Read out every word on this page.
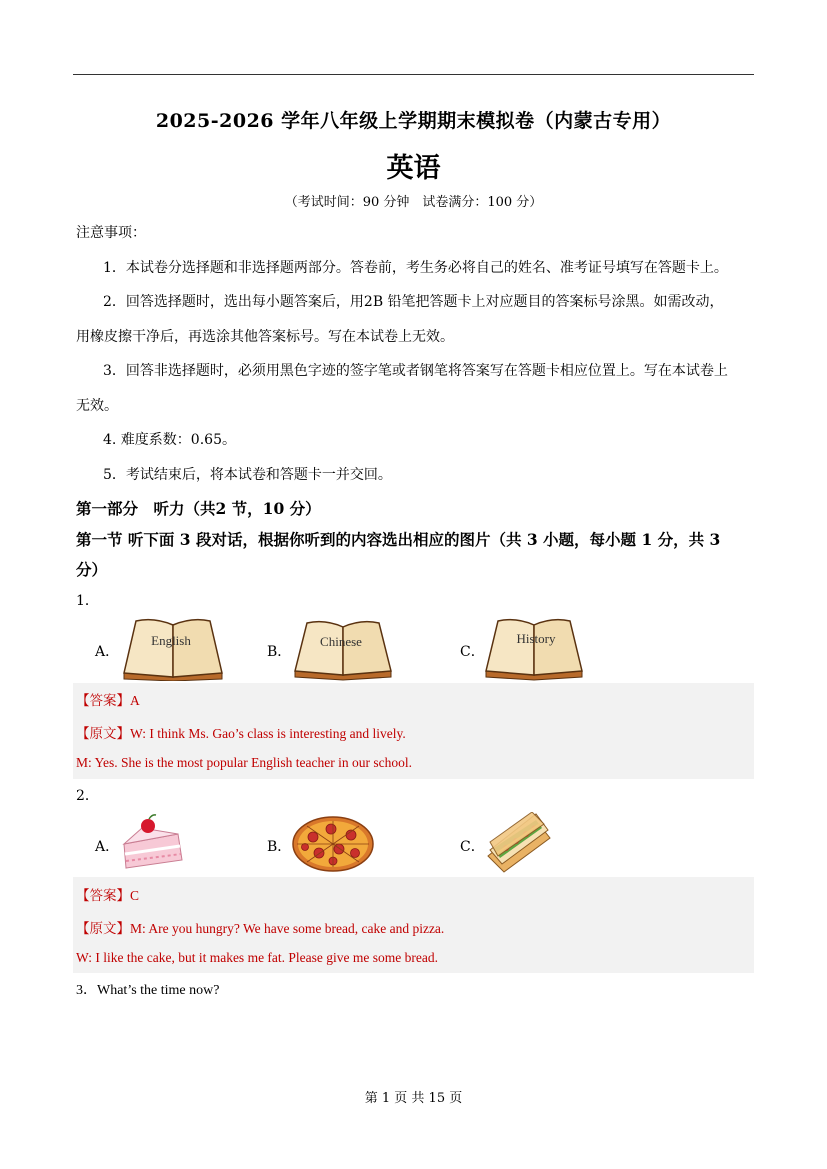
2025-2026 学年八年级上学期期末模拟卷（内蒙古专用）
英语
（考试时间：90 分钟　试卷满分：100 分）
注意事项：
1．本试卷分选择题和非选择题两部分。答卷前，考生务必将自己的姓名、准考证号填写在答题卡上。
2．回答选择题时，选出每小题答案后，用2B 铅笔把答题卡上对应题目的答案标号涂黑。如需改动，
用橡皮擦干净后，再选涂其他答案标号。写在本试卷上无效。
3．回答非选择题时，必须用黑色字迹的签字笔或者钢笔将答案写在答题卡相应位置上。写在本试卷上
无效。
4. 难度系数：0.65。
5．考试结束后，将本试卷和答题卡一并交回。
第一部分　听力（共2 节，10 分）
第一节 听下面 3 段对话，根据你听到的内容选出相应的图片（共 3 小题，每小题 1 分，共 3
分）
1．
A．
English
B．
Chinese
C．
History
【答案】A
【原文】W: I think Ms. Gao’s class is interesting and lively.
M: Yes. She is the most popular English teacher in our school.
2．
A．	B．	C．
【答案】C
【原文】M: Are you hungry? We have some bread, cake and pizza.
W: I like the cake, but it makes me fat. Please give me some bread.
3．What’s the time now?
第 1 页 共 15 页
